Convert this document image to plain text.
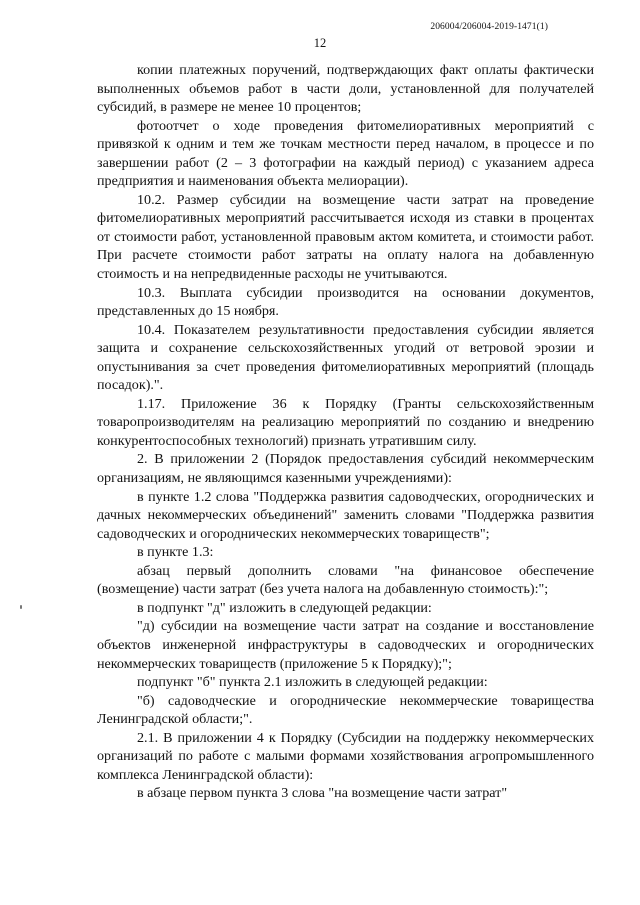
206004/206004-2019-1471(1)
12

копии платежных поручений, подтверждающих факт оплаты фактически выполненных объемов работ в части доли, установленной для получателей субсидий, в размере не менее 10 процентов;

фотоотчет о ходе проведения фитомелиоративных мероприятий с привязкой к одним и тем же точкам местности перед началом, в процессе и по завершении работ (2 – 3 фотографии на каждый период) с указанием адреса предприятия и наименования объекта мелиорации).

10.2. Размер субсидии на возмещение части затрат на проведение фитомелиоративных мероприятий рассчитывается исходя из ставки в процентах от стоимости работ, установленной правовым актом комитета, и стоимости работ. При расчете стоимости работ затраты на оплату налога на добавленную стоимость и на непредвиденные расходы не учитываются.

10.3. Выплата субсидии производится на основании документов, представленных до 15 ноября.

10.4. Показателем результативности предоставления субсидии является защита и сохранение сельскохозяйственных угодий от ветровой эрозии и опустынивания за счет проведения фитомелиоративных мероприятий (площадь посадок).".

1.17. Приложение 36 к Порядку (Гранты сельскохозяйственным товаропроизводителям на реализацию мероприятий по созданию и внедрению конкурентоспособных технологий) признать утратившим силу.

2. В приложении 2 (Порядок предоставления субсидий некоммерческим организациям, не являющимся казенными учреждениями):

в пункте 1.2 слова "Поддержка развития садоводческих, огороднических и дачных некоммерческих объединений" заменить словами "Поддержка развития садоводческих и огороднических некоммерческих товариществ";

в пункте 1.3:

абзац первый дополнить словами "на финансовое обеспечение (возмещение) части затрат (без учета налога на добавленную стоимость):";

в подпункт "д" изложить в следующей редакции:

"д) субсидии на возмещение части затрат на создание и восстановление объектов инженерной инфраструктуры в садоводческих и огороднических некоммерческих товариществ (приложение 5 к Порядку);";

подпункт "б" пункта 2.1 изложить в следующей редакции:

"б) садоводческие и огороднические некоммерческие товарищества Ленинградской области;".

2.1. В приложении 4 к Порядку (Субсидии на поддержку некоммерческих организаций по работе с малыми формами хозяйствования агропромышленного комплекса Ленинградской области):

в абзаце первом пункта 3 слова "на возмещение части затрат"
